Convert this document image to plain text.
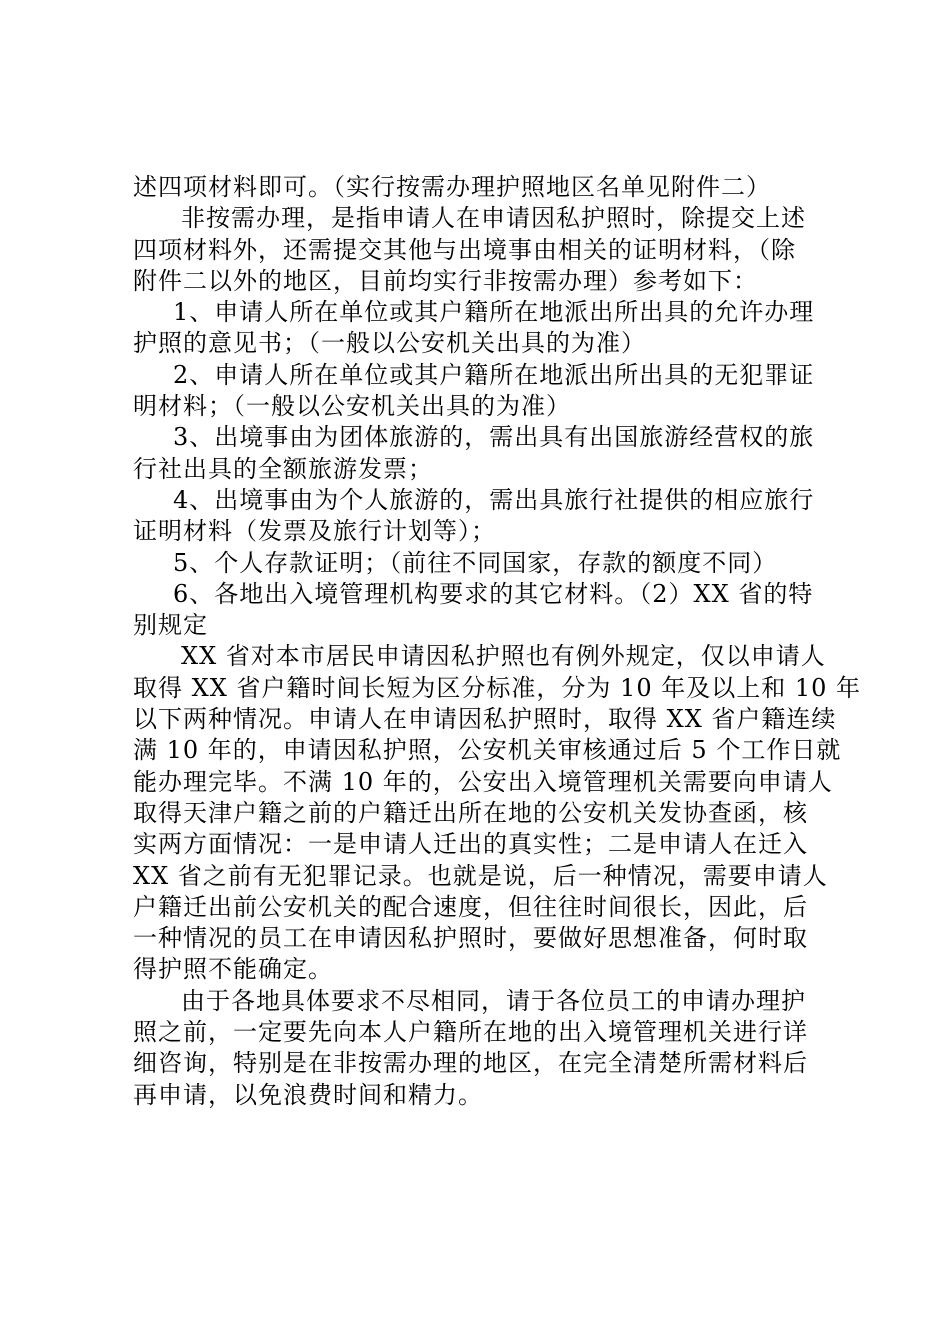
述四项材料即可。（实行按需办理护照地区名单见附件二）
非按需办理，是指申请人在申请因私护照时，除提交上述
四项材料外，还需提交其他与出境事由相关的证明材料，（除
附件二以外的地区，目前均实行非按需办理）参考如下：
1、申请人所在单位或其户籍所在地派出所出具的允许办理
护照的意见书；（一般以公安机关出具的为准）
2、申请人所在单位或其户籍所在地派出所出具的无犯罪证
明材料；（一般以公安机关出具的为准）
3、出境事由为团体旅游的，需出具有出国旅游经营权的旅
行社出具的全额旅游发票；
4、出境事由为个人旅游的，需出具旅行社提供的相应旅行
证明材料（发票及旅行计划等）；
5、个人存款证明；（前往不同国家，存款的额度不同）
6、各地出入境管理机构要求的其它材料。（2）XX 省的特
别规定
XX 省对本市居民申请因私护照也有例外规定，仅以申请人
取得 XX 省户籍时间长短为区分标准，分为 10 年及以上和 10 年
以下两种情况。申请人在申请因私护照时，取得 XX 省户籍连续
满 10 年的，申请因私护照，公安机关审核通过后 5 个工作日就
能办理完毕。不满 10 年的，公安出入境管理机关需要向申请人
取得天津户籍之前的户籍迁出所在地的公安机关发协查函，核
实两方面情况：一是申请人迁出的真实性；二是申请人在迁入
XX 省之前有无犯罪记录。也就是说，后一种情况，需要申请人
户籍迁出前公安机关的配合速度，但往往时间很长，因此，后
一种情况的员工在申请因私护照时，要做好思想准备，何时取
得护照不能确定。
由于各地具体要求不尽相同，请于各位员工的申请办理护
照之前，一定要先向本人户籍所在地的出入境管理机关进行详
细咨询，特别是在非按需办理的地区，在完全清楚所需材料后
再申请，以免浪费时间和精力。
